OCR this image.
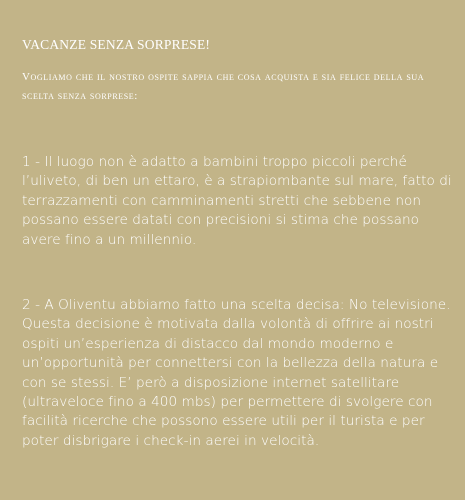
VACANZE SENZA SORPRESE!
Vogliamo che il nostro ospite sappia che cosa acquista e sia felice della sua scelta senza sorprese:
1 - Il luogo non è adatto a bambini troppo piccoli perché l’uliveto, di ben un ettaro, è a strapiombante sul mare, fatto di terrazzamenti con camminamenti stretti che sebbene non possano essere datati con precisioni si stima che possano avere fino a un millennio.
2 - A Oliventu abbiamo fatto una scelta decisa: No televisione. Questa decisione è motivata dalla volontà di offrire ai nostri ospiti un’esperienza di distacco dal mondo moderno e un’opportunità per connettersi con la bellezza della natura e con se stessi. E’ però a disposizione internet satellitare (ultraveloce fino a 400 mbs) per permettere di svolgere con facilità ricerche che possono essere utili per il turista e per poter disbrigare i check-in aerei in velocità.
